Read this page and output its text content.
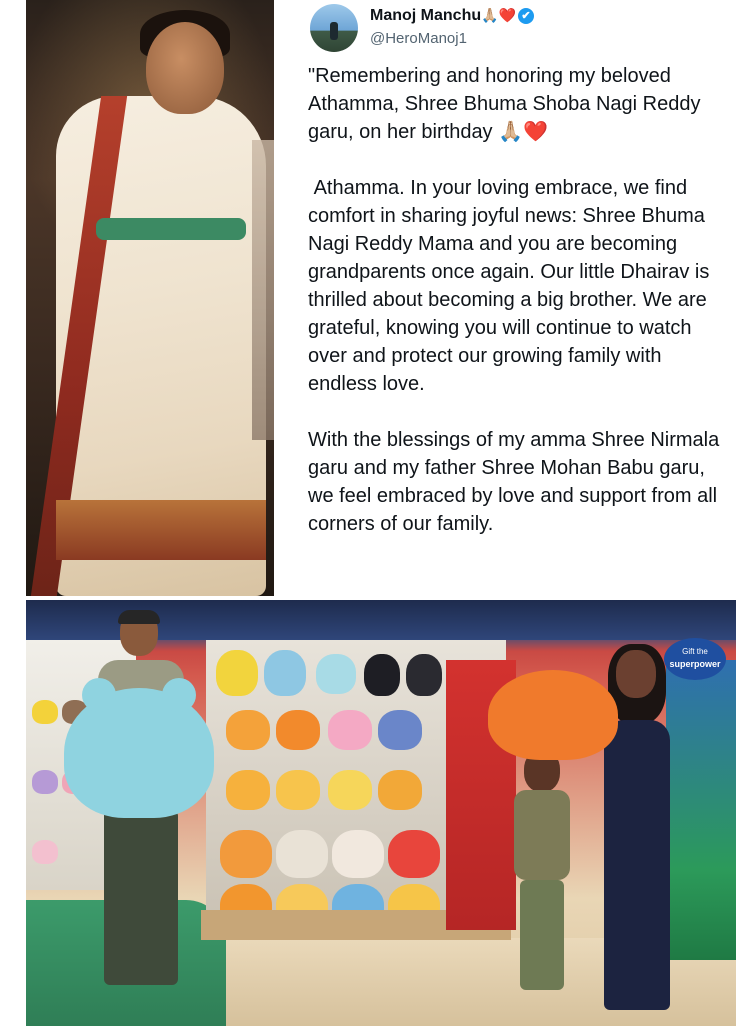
Manoj Manchu🙏🏼❤️ ✔
@HeroManoj1

"Remembering and honoring my beloved Athamma, Shree Bhuma Shoba Nagi Reddy garu, on her birthday 🙏🏼❤️

Athamma. In your loving embrace, we find comfort in sharing joyful news: Shree Bhuma Nagi Reddy Mama and you are becoming grandparents once again. Our little Dhairav is thrilled about becoming a big brother. We are grateful, knowing you will continue to watch over and protect our growing family with endless love.

With the blessings of my amma Shree Nirmala garu and my father Shree Mohan Babu garu, we feel embraced by love and support from all corners of our family.

Gift the
superpower
